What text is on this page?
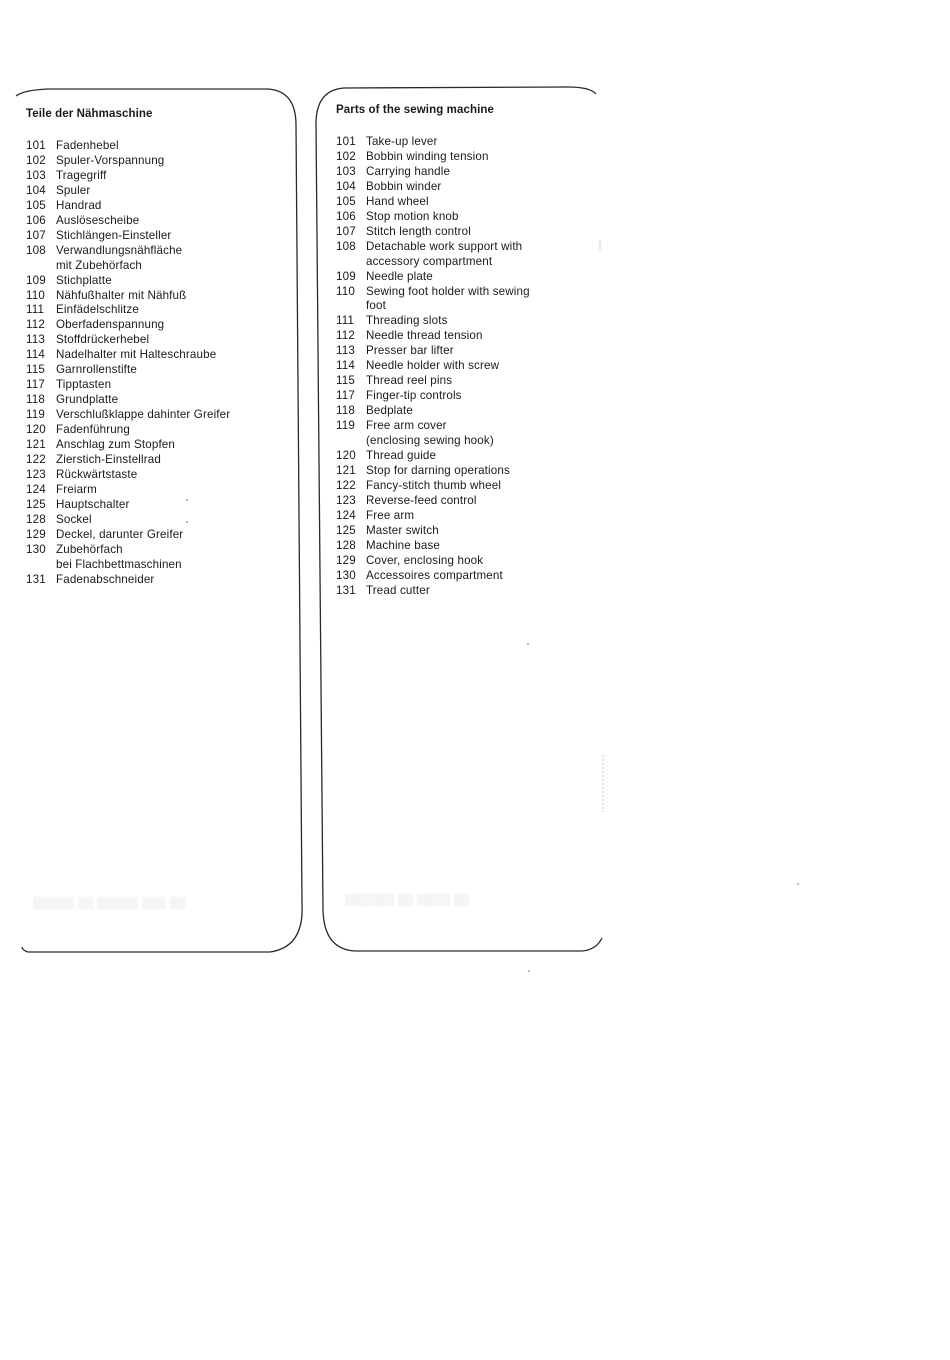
Teile der Nähmaschine
101 Fadenhebel
102 Spuler-Vorspannung
103 Tragegriff
104 Spuler
105 Handrad
106 Auslösescheibe
107 Stichlängen-Einsteller
108 Verwandlungsnähfläche
mit Zubehörfach
109 Stichplatte
110 Nähfußhalter mit Nähfuß
111	Einfädelschlitze
112 Oberfadenspannung
113 Stoffdrückerhebel
114 Nadelhalter mit Halteschraube
115 Garnrollenstifte
117 Tipptasten
118 Grundplatte
119 Verschlußklappe dahinter Greifer
120 Fadenführung
121 Anschlag zum Stopfen
122 Zierstich-Einstellrad
123 Rückwärtstaste
124 Freiarm
125 Hauptschalter
128 Sockel
129 Deckel, darunter Greifer
130 Zubehörfach
bei Flachbettmaschinen
131 Fadenabschneider
Parts of the sewing machine
101 Take-up lever
102 Bobbin winding tension
103 Carrying handle
104 Bobbin winder
105 Hand wheel
106 Stop motion knob
107 Stitch length control
108 Detachable work support with
accessory compartment
109 Needle plate
110 Sewing foot holder with sewing
foot
111	Threading slots
112 Needle thread tension
113 Presser bar lifter
114 Needle holder with screw
115 Thread reel pins
117 Finger-tip controls
118 Bedplate
119 Free arm cover
(enclosing sewing hook)
120 Thread guide
121 Stop for darning operations
122 Fancy-stitch thumb wheel
123 Reverse-feed control
124 Free arm
125 Master switch
128 Machine base
129 Cover, enclosing hook
130 Accessoires compartment
131 Tread cutter
▒▒▒▒▒ ▒▒ ▒▒▒▒▒ ▒▒▒ ▒▒	▒▒▒▒▒▒ ▒▒ ▒▒▒▒ ▒▒
